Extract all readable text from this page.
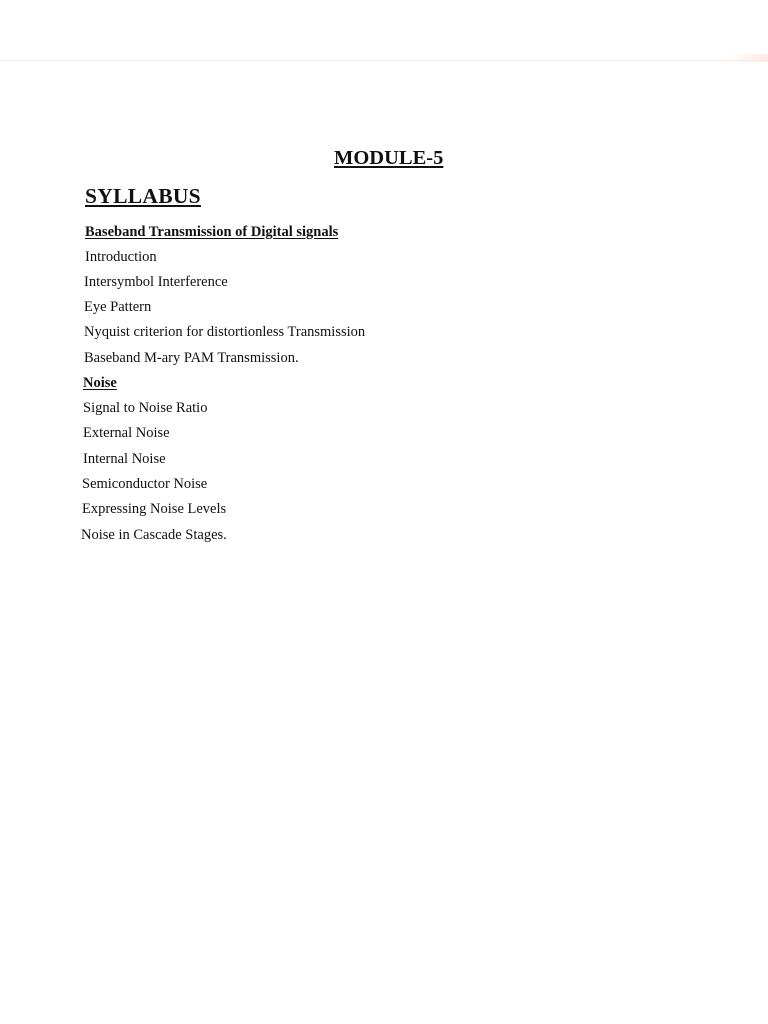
MODULE-5
SYLLABUS
Baseband Transmission of Digital signals
Introduction
Intersymbol Interference
Eye Pattern
Nyquist criterion for distortionless Transmission
Baseband M-ary PAM Transmission.
Noise
Signal to Noise Ratio
External Noise
Internal Noise
Semiconductor Noise
Expressing Noise Levels
Noise in Cascade Stages.
